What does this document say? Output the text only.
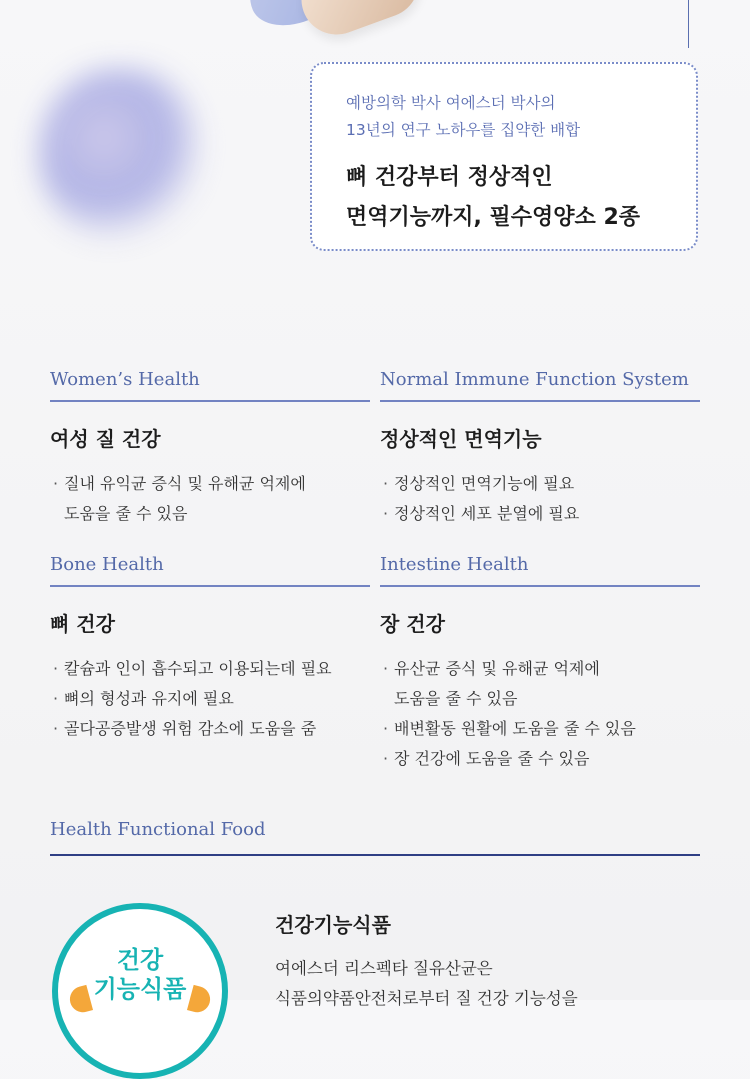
예방의학 박사 여에스더 박사의
13년의 연구 노하우를 집약한 배합

뼈 건강부터 정상적인
면역기능까지, 필수영양소 2종

Women’s Health
여성 질 건강
· 질내 유익균 증식 및 유해균 억제에
도움을 줄 수 있음
Normal Immune Function System
정상적인 면역기능
· 정상적인 면역기능에 필요
· 정상적인 세포 분열에 필요
Bone Health
뼈 건강
· 칼슘과 인이 흡수되고 이용되는데 필요
· 뼈의 형성과 유지에 필요
· 골다공증발생 위험 감소에 도움을 줌
Intestine Health
장 건강
· 유산균 증식 및 유해균 억제에
도움을 줄 수 있음
· 배변활동 원활에 도움을 줄 수 있음
· 장 건강에 도움을 줄 수 있음
Health Functional Food
건강
기능식품
건강기능식품
여에스더 리스펙타 질유산균은
식품의약품안전처로부터 질 건강 기능성을
